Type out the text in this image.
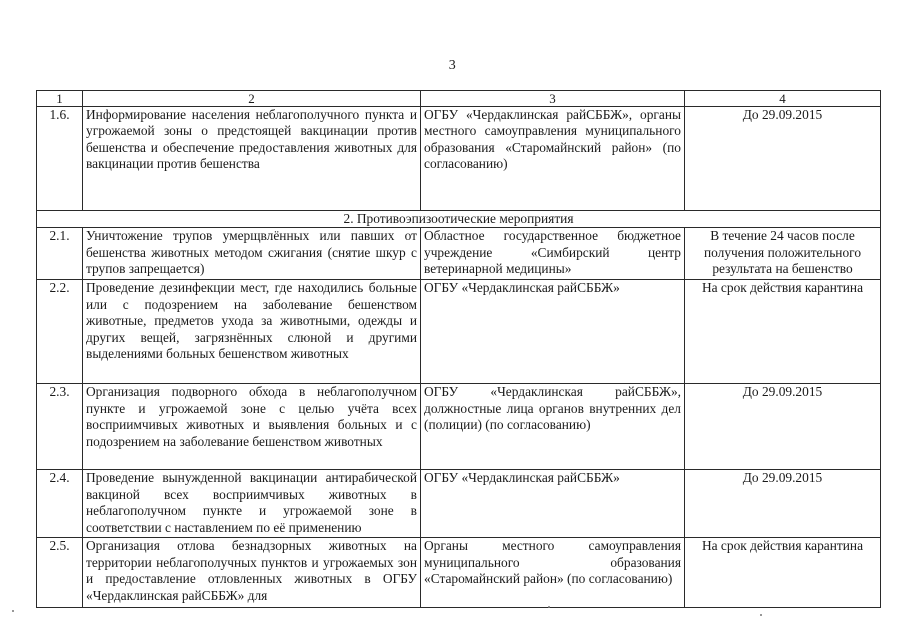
3
1	2	3	4
1.6.	Информирование населения неблагополучного пункта и угрожаемой зоны о предстоящей вакцинации против бешенства и обеспечение предоставления животных для вакцинации против бешенства	ОГБУ «Чердаклинская райСББЖ», органы местного самоуправления муниципального образования «Старомайнский район» (по согласованию)	До 29.09.2015
2. Противоэпизоотические мероприятия			
2.1.	Уничтожение трупов умерщвлённых или павших от бешенства животных методом сжигания (снятие шкур с трупов запрещается)	Областное государственное бюджетное учреждение «Симбирский центр ветеринарной медицины»	В течение 24 часов после получения положительного результата на бешенство
2.2.	Проведение дезинфекции мест, где находились больные или с подозрением на заболевание бешенством животные, предметов ухода за животными, одежды и других вещей, загрязнённых слюной и другими выделениями больных бешенством животных	ОГБУ «Чердаклинская райСББЖ»	На срок действия карантина
2.3.	Организация подворного обхода в неблагополучном пункте и угрожаемой зоне с целью учёта всех восприимчивых животных и выявления больных и с подозрением на заболевание бешенством животных	ОГБУ «Чердаклинская райСББЖ», должностные лица органов внутренних дел (полиции) (по согласованию)	До 29.09.2015
2.4.	Проведение вынужденной вакцинации антирабической вакциной всех восприимчивых животных в неблагополучном пункте и угрожаемой зоне в соответствии с наставлением по её применению	ОГБУ «Чердаклинская райСББЖ»	До 29.09.2015
2.5.	Организация отлова безнадзорных животных на территории неблагополучных пунктов и угрожаемых зон и предоставление отловленных животных в ОГБУ «Чердаклинская райСББЖ» для	Органы местного самоуправления муниципального образования «Старомайнский район» (по согласованию)	На срок действия карантина
